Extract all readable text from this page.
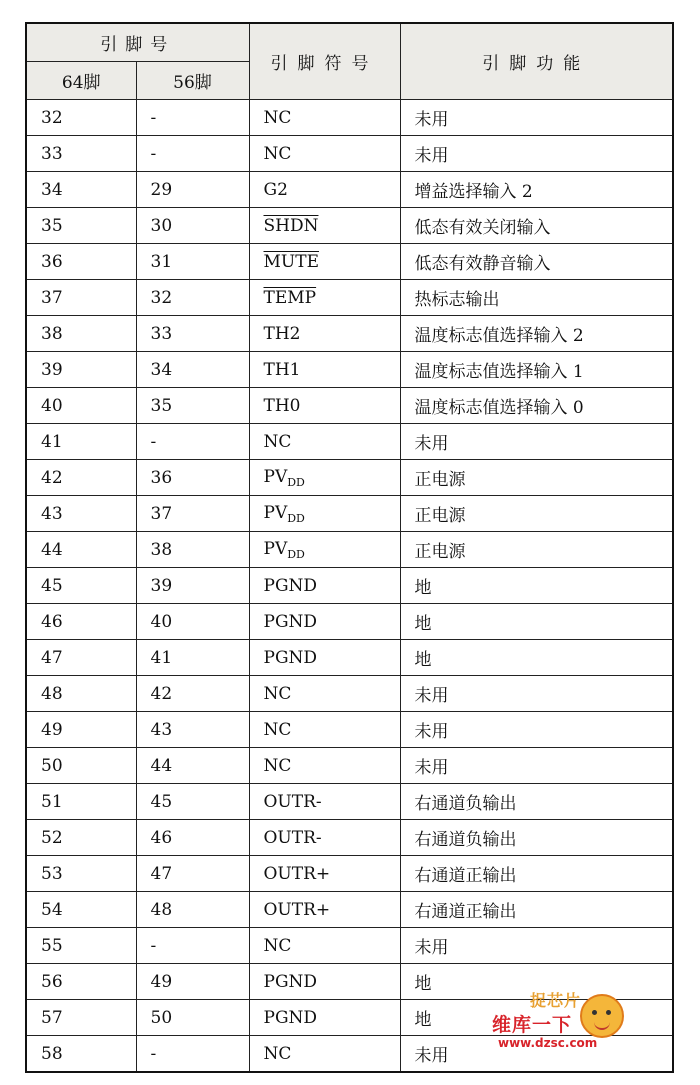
引脚号		引脚符号	引脚功能
64脚	56脚		
32	-	NC	未用
33	-	NC	未用
34	29	G2	增益选择输入 2
35	30	SHDN	低态有效关闭输入
36	31	MUTE	低态有效静音输入
37	32	TEMP	热标志输出
38	33	TH2	温度标志值选择输入 2
39	34	TH1	温度标志值选择输入 1
40	35	TH0	温度标志值选择输入 0
41	-	NC	未用
42	36	$PV_{DD}$	正电源
43	37	$PV_{DD}$	正电源
44	38	$PV_{DD}$	正电源
45	39	PGND	地
46	40	PGND	地
47	41	PGND	地
48	42	NC	未用
49	43	NC	未用
50	44	NC	未用
51	45	OUTR-	右通道负输出
52	46	OUTR-	右通道负输出
53	47	OUTR+	右通道正输出
54	48	OUTR+	右通道正输出
55	-	NC	未用
56	49	PGND	地
57	50	PGND	地
58	-	NC	未用
捉芯片
维库一下
www.dzsc.com
